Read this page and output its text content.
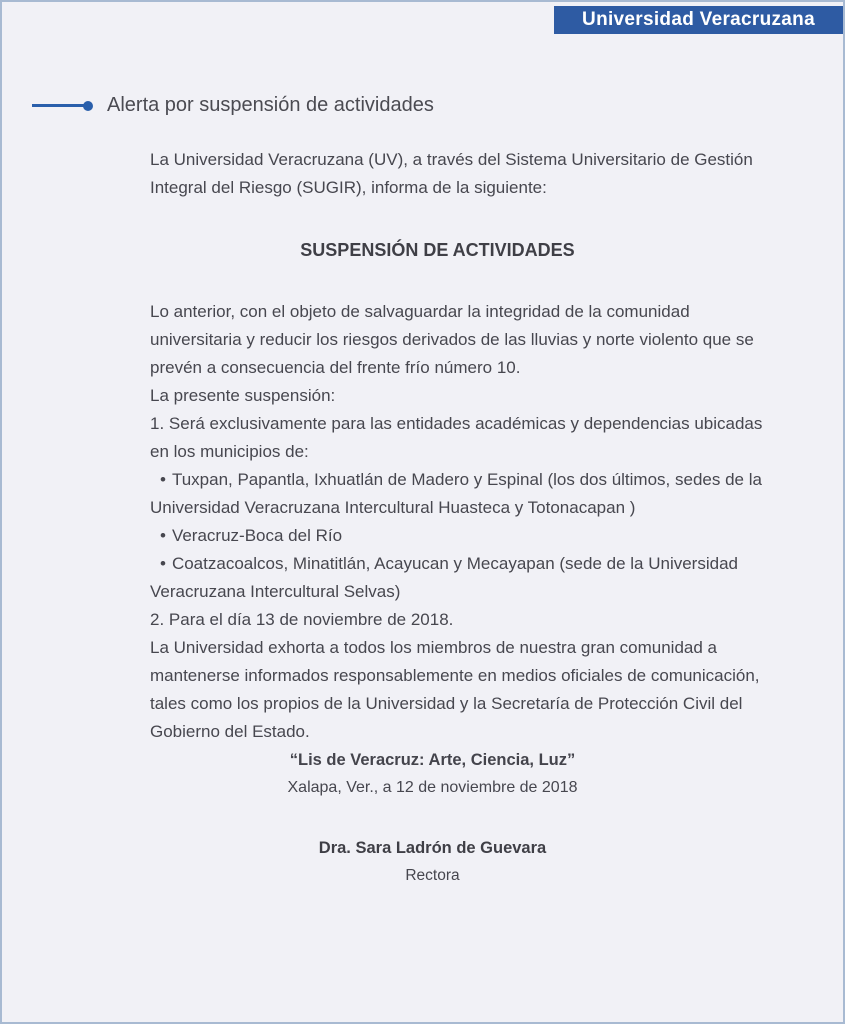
Universidad Veracruzana
Alerta por suspensión de actividades

La Universidad Veracruzana (UV), a través del Sistema Universitario de Gestión Integral del Riesgo (SUGIR), informa de la siguiente:

SUSPENSIÓN DE ACTIVIDADES

Lo anterior, con el objeto de salvaguardar la integridad de la comunidad universitaria y reducir los riesgos derivados de las lluvias y norte violento que se prevén a consecuencia del frente frío número 10.

La presente suspensión:

1. Será exclusivamente para las entidades académicas y dependencias ubicadas en los municipios de:

• Tuxpan, Papantla, Ixhuatlán de Madero y Espinal (los dos últimos, sedes de la Universidad Veracruzana Intercultural Huasteca y Totonacapan )

• Veracruz-Boca del Río

• Coatzacoalcos, Minatitlán, Acayucan y Mecayapan (sede de la Universidad Veracruzana Intercultural Selvas)

2. Para el día 13 de noviembre de 2018.

La Universidad exhorta a todos los miembros de nuestra gran comunidad a mantenerse informados responsablemente en medios oficiales de comunicación, tales como los propios de la Universidad y la Secretaría de Protección Civil del Gobierno del Estado.

“Lis de Veracruz: Arte, Ciencia, Luz”

Xalapa, Ver., a 12 de noviembre de 2018

Dra. Sara Ladrón de Guevara

Rectora
